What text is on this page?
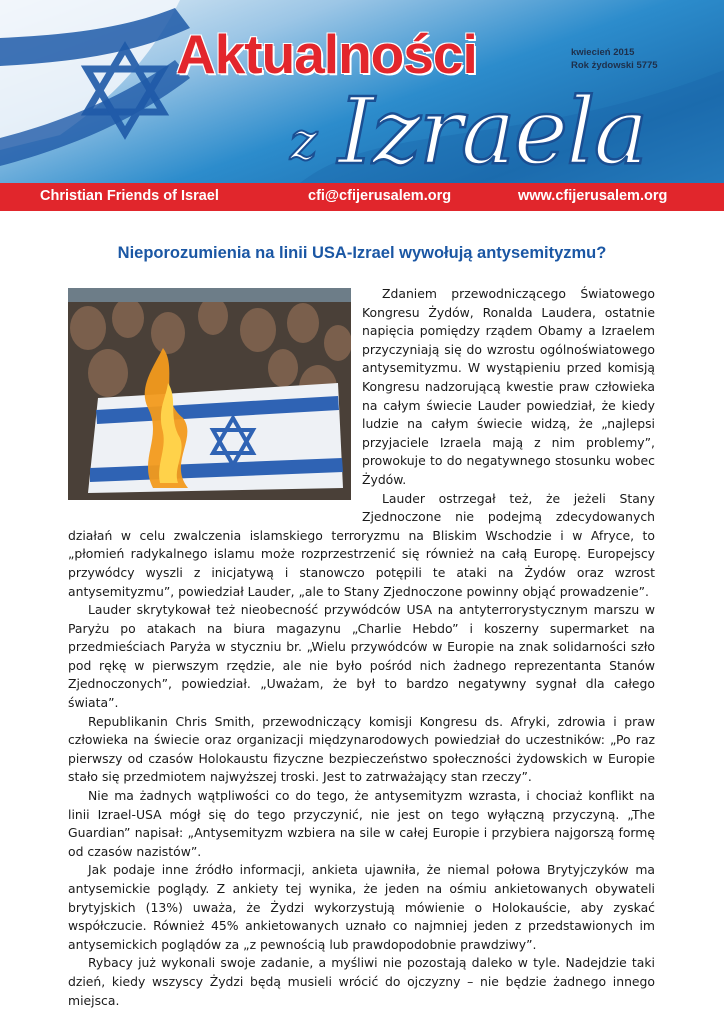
Aktualności	kwiecień 2015
Rok żydowski 5775
z Izraela
Christian Friends of Israel	cfi@cfijerusalem.org	www.cfijerusalem.org
Nieporozumienia na linii USA-Izrael wywołują antysemityzmu?

Zdaniem przewodniczącego Światowego Kongresu Żydów, Ronalda Laudera, ostatnie napięcia pomiędzy rządem Obamy a Izraelem przyczyniają się do wzrostu ogólnoświatowego antysemityzmu. W wystąpieniu przed komisją Kongresu nadzorującą kwestie praw człowieka na całym świecie Lauder powiedział, że kiedy ludzie na całym świecie widzą, że „najlepsi przyjaciele Izraela mają z nim problemy”, prowokuje to do negatywnego stosunku wobec Żydów.

Lauder ostrzegał też, że jeżeli Stany Zjednoczone nie podejmą zdecydowanych działań w celu zwalczenia islamskiego terroryzmu na Bliskim Wschodzie i w Afryce, to „płomień radykalnego islamu może rozprzestrzenić się również na całą Europę. Europejscy przywódcy wyszli z inicjatywą i stanowczo potępili te ataki na Żydów oraz wzrost antysemityzmu”, powiedział Lauder, „ale to Stany Zjednoczone powinny objąć prowadzenie”.

Lauder skrytykował też nieobecność przywódców USA na antyterrorystycznym marszu w Paryżu po atakach na biura magazynu „Charlie Hebdo” i koszerny supermarket na przedmieściach Paryża w styczniu br. „Wielu przywódców w Europie na znak solidarności szło pod rękę w pierwszym rzędzie, ale nie było pośród nich żadnego reprezentanta Stanów Zjednoczonych”, powiedział. „Uważam, że był to bardzo negatywny sygnał dla całego świata”.

Republikanin Chris Smith, przewodniczący komisji Kongresu ds. Afryki, zdrowia i praw człowieka na świecie oraz organizacji międzynarodowych powiedział do uczestników: „Po raz pierwszy od czasów Holokaustu fizyczne bezpieczeństwo społeczności żydowskich w Europie stało się przedmiotem najwyższej troski. Jest to zatrważający stan rzeczy”.

Nie ma żadnych wątpliwości co do tego, że antysemityzm wzrasta, i chociaż konflikt na linii Izrael-USA mógł się do tego przyczynić, nie jest on tego wyłączną przyczyną. „The Guardian” napisał: „Antysemityzm wzbiera na sile w całej Europie i przybiera najgorszą formę od czasów nazistów”.

Jak podaje inne źródło informacji, ankieta ujawniła, że niemal połowa Brytyjczyków ma antysemickie poglądy. Z ankiety tej wynika, że jeden na ośmiu ankietowanych obywateli brytyjskich (13%) uważa, że Żydzi wykorzystują mówienie o Holokauście, aby zyskać współczucie. Również 45% ankietowanych uznało co najmniej jeden z przedstawionych im antysemickich poglądów za „z pewnością lub prawdopodobnie prawdziwy”.

Rybacy już wykonali swoje zadanie, a myśliwi nie pozostają daleko w tyle. Nadejdzie taki dzień, kiedy wszyscy Żydzi będą musieli wrócić do ojczyzny – nie będzie żadnego innego miejsca.
